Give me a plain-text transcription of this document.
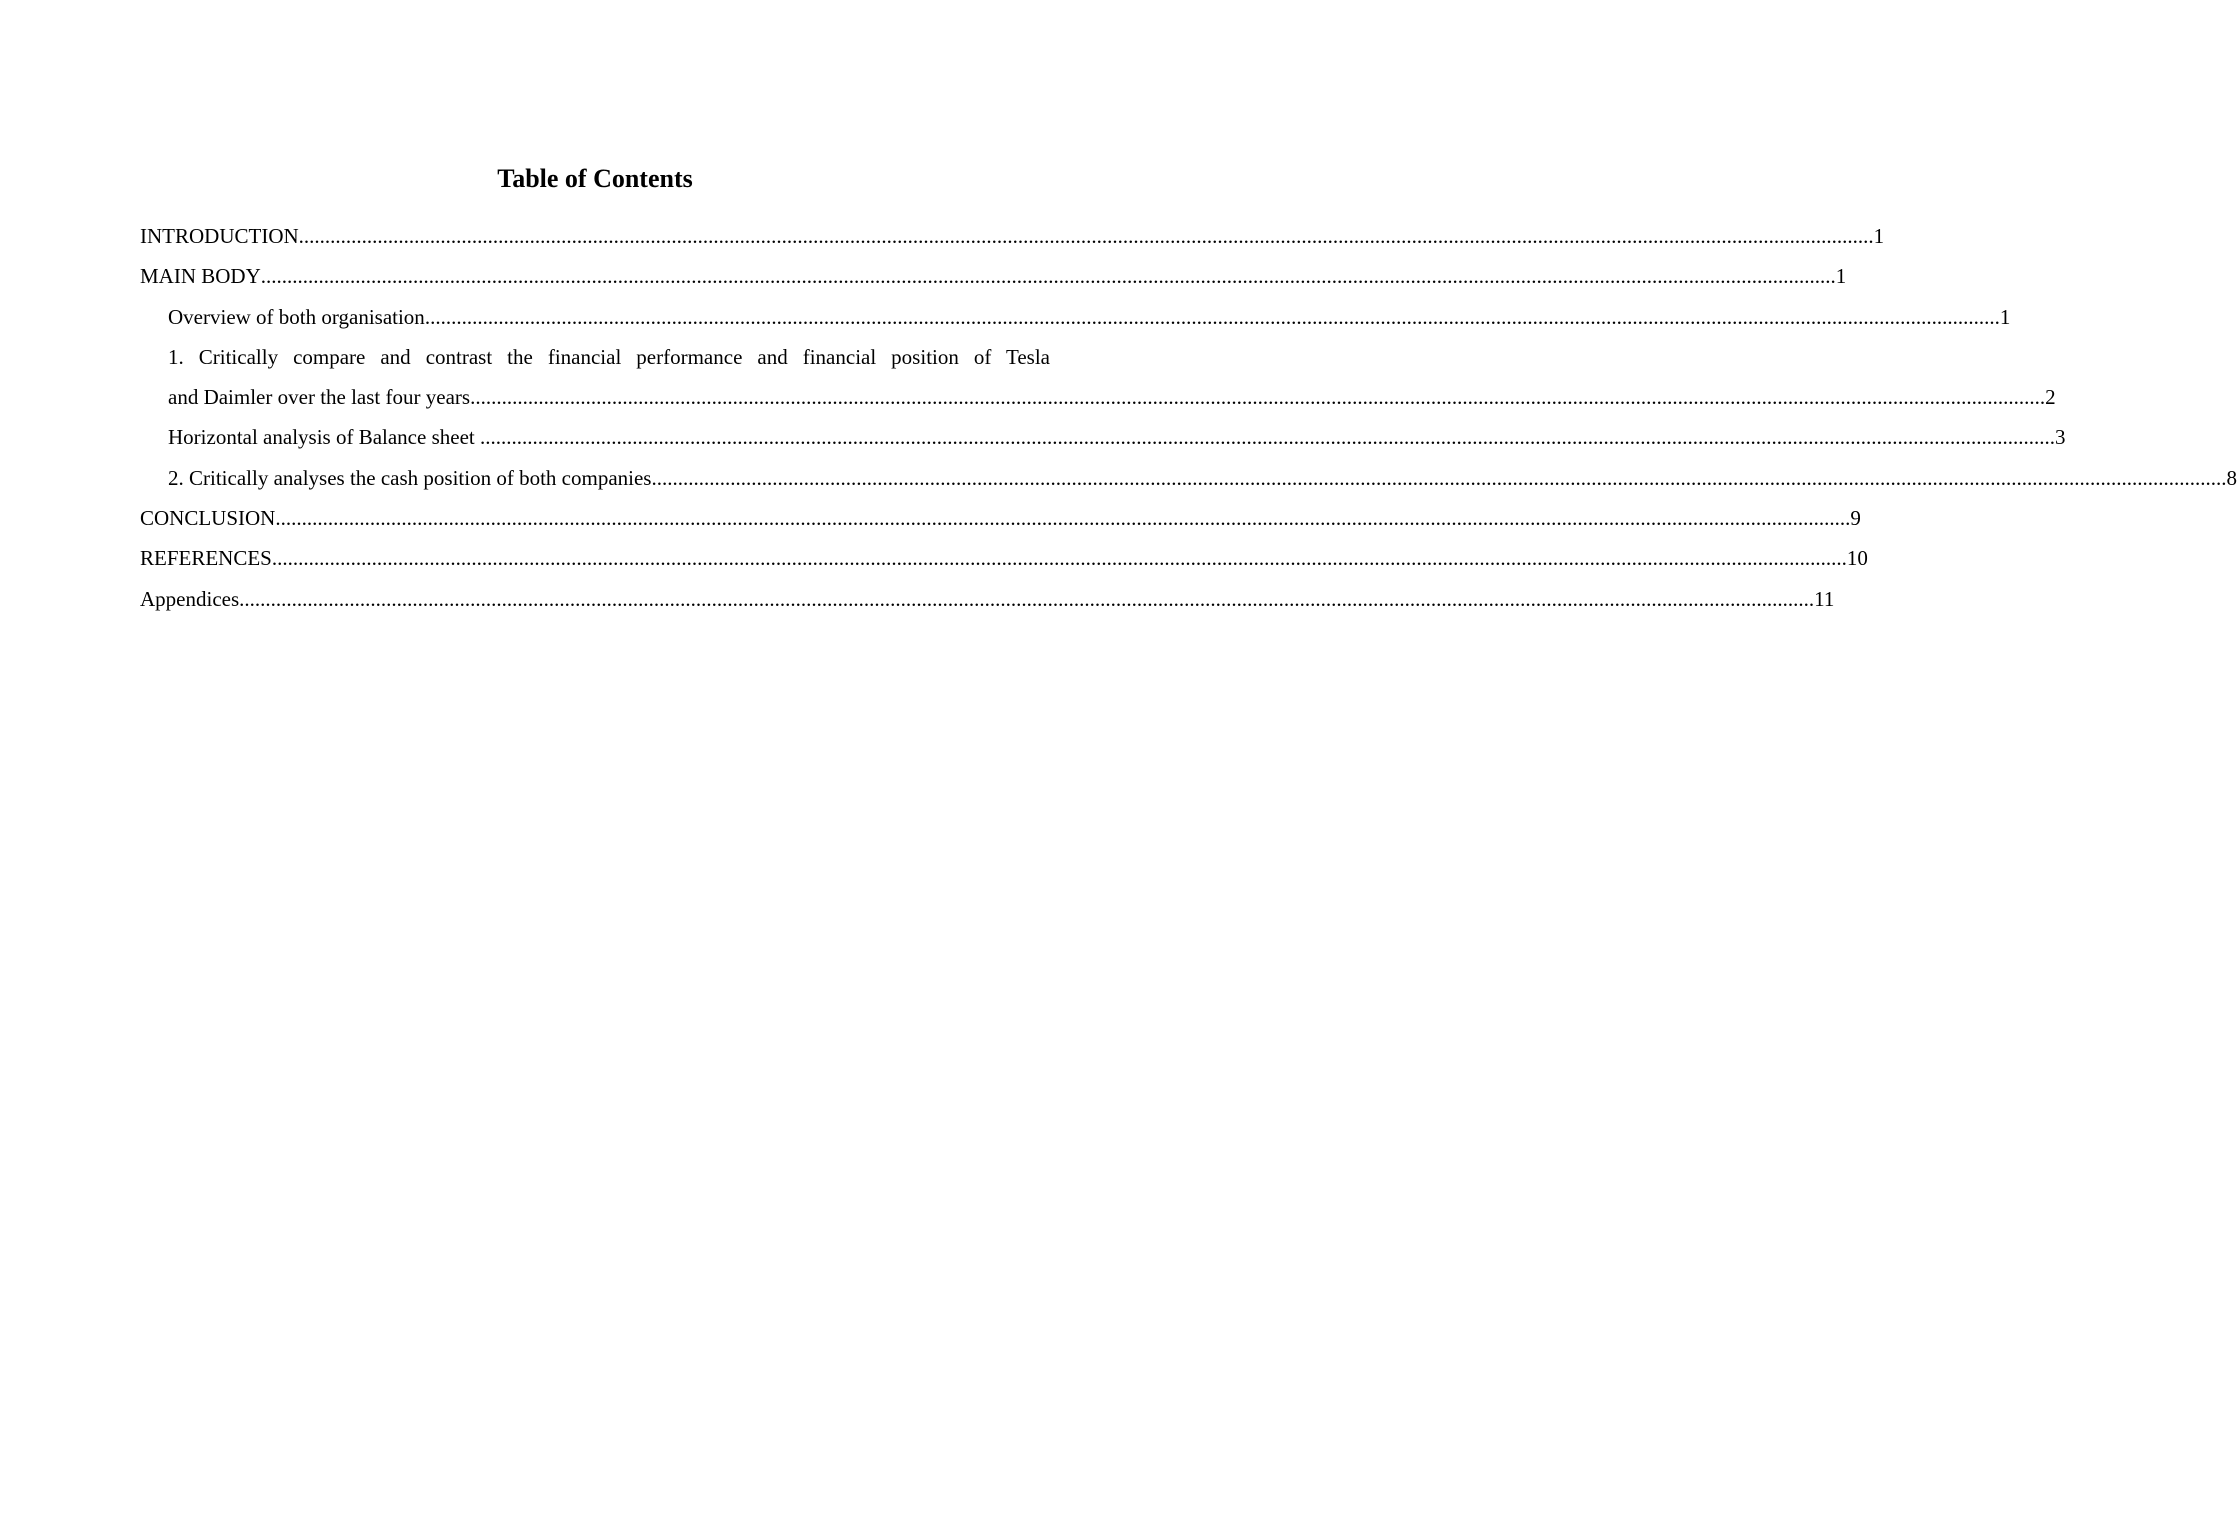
Table of Contents
INTRODUCTION ............................................................................................................................................................................................................................................................................................................ 1
MAIN BODY ............................................................................................................................................................................................................................................................................................................ 1
Overview of both organisation ............................................................................................................................................................................................................................................................................................................ 1
1. Critically compare and contrast the financial performance and financial position of Tesla
and Daimler over the last four years ............................................................................................................................................................................................................................................................................................................ 2
Horizontal analysis of Balance sheet ............................................................................................................................................................................................................................................................................................................ 3
2. Critically analyses the cash position of both companies ............................................................................................................................................................................................................................................................................................................ 8
CONCLUSION ............................................................................................................................................................................................................................................................................................................ 9
REFERENCES ............................................................................................................................................................................................................................................................................................................ 10
Appendices ............................................................................................................................................................................................................................................................................................................ 11
